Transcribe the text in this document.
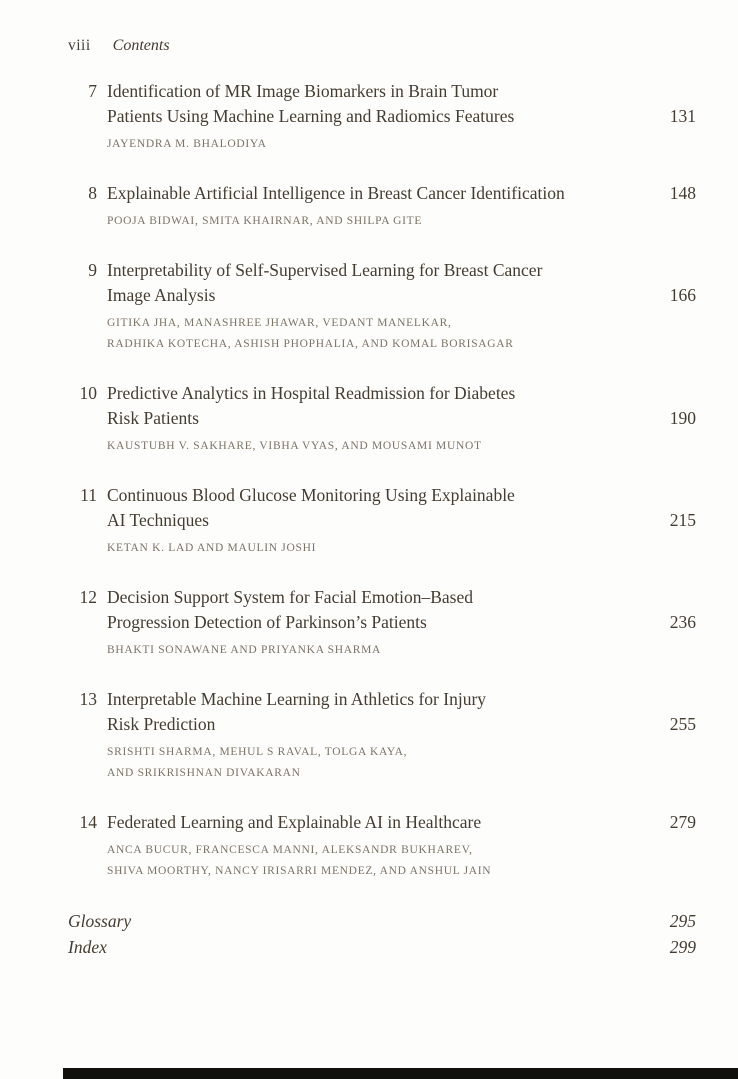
viii Contents
7 Identification of MR Image Biomarkers in Brain Tumor
Patients Using Machine Learning and Radiomics Features	131
JAYENDRA M. BHALODIYA
8 Explainable Artificial Intelligence in Breast Cancer Identification	148
POOJA BIDWAI, SMITA KHAIRNAR, AND SHILPA GITE
9 Interpretability of Self-Supervised Learning for Breast Cancer
Image Analysis	166
GITIKA JHA, MANASHREE JHAWAR, VEDANT MANELKAR,
RADHIKA KOTECHA, ASHISH PHOPHALIA, AND KOMAL BORISAGAR
10 Predictive Analytics in Hospital Readmission for Diabetes
Risk Patients	190
KAUSTUBH V. SAKHARE, VIBHA VYAS, AND MOUSAMI MUNOT
11 Continuous Blood Glucose Monitoring Using Explainable
AI Techniques	215
KETAN K. LAD AND MAULIN JOSHI
12 Decision Support System for Facial Emotion–Based
Progression Detection of Parkinson’s Patients	236
BHAKTI SONAWANE AND PRIYANKA SHARMA
13 Interpretable Machine Learning in Athletics for Injury
Risk Prediction	255
SRISHTI SHARMA, MEHUL S RAVAL, TOLGA KAYA,
AND SRIKRISHNAN DIVAKARAN
14 Federated Learning and Explainable AI in Healthcare	279
ANCA BUCUR, FRANCESCA MANNI, ALEKSANDR BUKHAREV,
SHIVA MOORTHY, NANCY IRISARRI MENDEZ, AND ANSHUL JAIN
Glossary	295
Index	299
